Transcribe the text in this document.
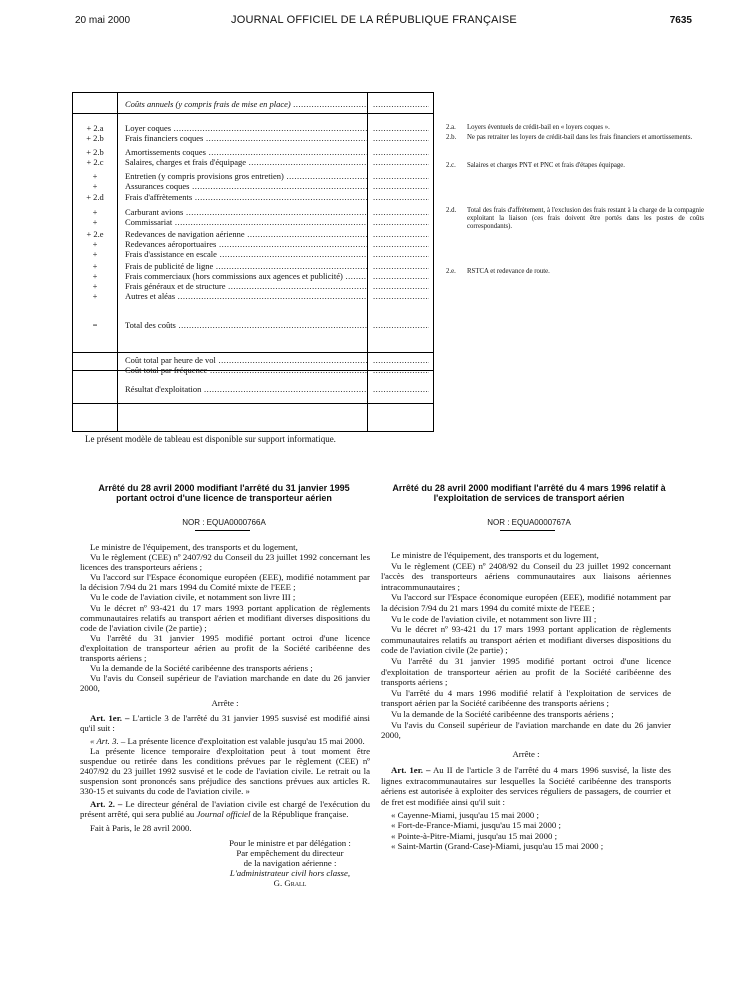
20 mai 2000	JOURNAL OFFICIEL DE LA RÉPUBLIQUE FRANÇAISE	7635
Coûts annuels (y compris frais de mise en place) .....
.....
+ 2.a	Loyer coques .....
.....
+ 2.b	Frais financiers coques .....
.....
+ 2.b	Amortissements coques .....
.....
+ 2.c	Salaires, charges et frais d'équipage .....
.....
+	Entretien (y compris provisions gros entretien) .....
.....
+	Assurances coques .....
.....
+ 2.d	Frais d'affrètements .....
.....
+	Carburant avions .....
.....
+	Commissariat .....
.....
+ 2.e	Redevances de navigation aérienne .....
.....
+	Redevances aéroportuaires .....
.....
+	Frais d'assistance en escale .....
.....
+	Frais de publicité de ligne .....
.....
+	Frais commerciaux (hors commissions aux agences et publicité) .....
.....
+	Frais généraux et de structure .....
.....
+	Autres et aléas .....
.....
=	Total des coûts .....
.....
Coût total par heure de vol .....
.....
Coût total par fréquence .....
.....
Résultat d'exploitation .....
.....
2.a. Loyers éventuels de crédit-bail en « loyers coques ».
2.b. Ne pas retraiter les loyers de crédit-bail dans les frais financiers et amortissements.
2.c. Salaires et charges PNT et PNC et frais d'étapes équipage.
2.d. Total des frais d'affrètement, à l'exclusion des frais restant à la charge de la compagnie exploitant la liaison (ces frais doivent être portés dans les postes de coûts correspondants).
2.e. RSTCA et redevance de route.
Le présent modèle de tableau est disponible sur support informatique.
Arrêté du 28 avril 2000 modifiant l'arrêté du 31 janvier 1995 portant octroi d'une licence de transporteur aérien
NOR : EQUA0000766A
Le ministre de l'équipement, des transports et du logement,
Vu le règlement (CEE) nº 2407/92 du Conseil du 23 juillet 1992 concernant les licences des transporteurs aériens ;
Vu l'accord sur l'Espace économique européen (EEE), modifié notamment par la décision 7/94 du 21 mars 1994 du Comité mixte de l'EEE ;
Vu le code de l'aviation civile, et notamment son livre III ;
Vu le décret nº 93-421 du 17 mars 1993 portant application de règlements communautaires relatifs au transport aérien et modifiant diverses dispositions du code de l'aviation civile (2e partie) ;
Vu l'arrêté du 31 janvier 1995 modifié portant octroi d'une licence d'exploitation de transporteur aérien au profit de la Société caribéenne des transports aériens ;
Vu la demande de la Société caribéenne des transports aériens ;
Vu l'avis du Conseil supérieur de l'aviation marchande en date du 26 janvier 2000,
Arrête :
Art. 1er. – L'article 3 de l'arrêté du 31 janvier 1995 susvisé est modifié ainsi qu'il suit :
« Art. 3. – La présente licence d'exploitation est valable jusqu'au 15 mai 2000.
La présente licence temporaire d'exploitation peut à tout moment être suspendue ou retirée dans les conditions prévues par le règlement (CEE) nº 2407/92 du 23 juillet 1992 susvisé et le code de l'aviation civile. Le retrait ou la suspension sont prononcés sans préjudice des sanctions prévues aux articles R. 330-15 et suivants du code de l'aviation civile. »
Art. 2. – Le directeur général de l'aviation civile est chargé de l'exécution du présent arrêté, qui sera publié au Journal officiel de la République française.
Fait à Paris, le 28 avril 2000.
Pour le ministre et par délégation :
Par empêchement du directeur
de la navigation aérienne :
L'administrateur civil hors classe,
G. Grall
Arrêté du 28 avril 2000 modifiant l'arrêté du 4 mars 1996 relatif à l'exploitation de services de transport aérien
NOR : EQUA0000767A
Le ministre de l'équipement, des transports et du logement,
Vu le règlement (CEE) nº 2408/92 du Conseil du 23 juillet 1992 concernant l'accès des transporteurs aériens communautaires aux liaisons aériennes intracommunautaires ;
Vu l'accord sur l'Espace économique européen (EEE), modifié notamment par la décision 7/94 du 21 mars 1994 du comité mixte de l'EEE ;
Vu le code de l'aviation civile, et notamment son livre III ;
Vu le décret nº 93-421 du 17 mars 1993 portant application de règlements communautaires relatifs au transport aérien et modifiant diverses dispositions du code de l'aviation civile (2e partie) ;
Vu l'arrêté du 31 janvier 1995 modifié portant octroi d'une licence d'exploitation de transporteur aérien au profit de la Société caribéenne des transports aériens ;
Vu l'arrêté du 4 mars 1996 modifié relatif à l'exploitation de services de transport aérien par la Société caribéenne des transports aériens ;
Vu la demande de la Société caribéenne des transports aériens ;
Vu l'avis du Conseil supérieur de l'aviation marchande en date du 26 janvier 2000,
Arrête :
Art. 1er. – Au II de l'article 3 de l'arrêté du 4 mars 1996 susvisé, la liste des lignes extracommunautaires sur lesquelles la Société caribéenne des transports aériens est autorisée à exploiter des services réguliers de passagers, de courrier et de fret est modifiée ainsi qu'il suit :
« Cayenne-Miami, jusqu'au 15 mai 2000 ;
« Fort-de-France-Miami, jusqu'au 15 mai 2000 ;
« Pointe-à-Pitre-Miami, jusqu'au 15 mai 2000 ;
« Saint-Martin (Grand-Case)-Miami, jusqu'au 15 mai 2000 ;
